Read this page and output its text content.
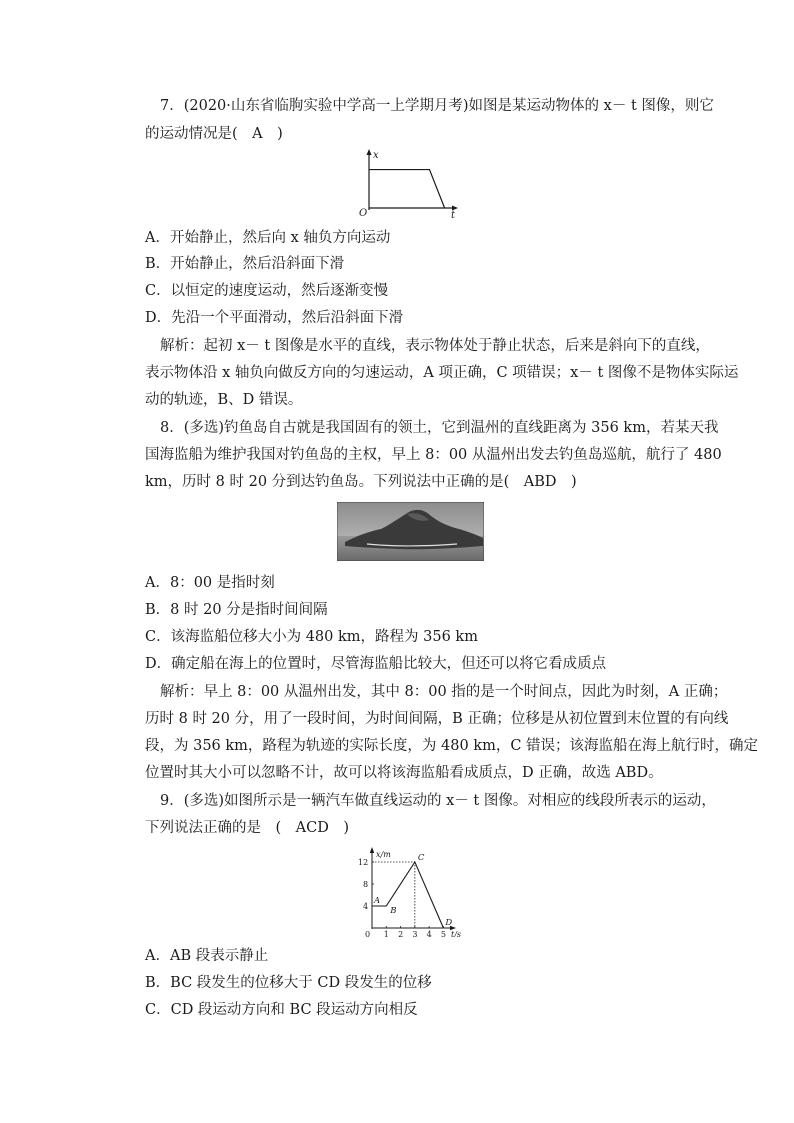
7．(2020·山东省临朐实验中学高一上学期月考)如图是某运动物体的 x－ t 图像，则它
的运动情况是(　A　)
x
t
O
A．开始静止，然后向 x 轴负方向运动
B．开始静止，然后沿斜面下滑
C．以恒定的速度运动，然后逐渐变慢
D．先沿一个平面滑动，然后沿斜面下滑
解析：起初 x－ t 图像是水平的直线，表示物体处于静止状态，后来是斜向下的直线，
表示物体沿 x 轴负向做反方向的匀速运动，A 项正确，C 项错误；x－ t 图像不是物体实际运
动的轨迹，B、D 错误。
8．(多选)钓鱼岛自古就是我国固有的领土，它到温州的直线距离为 356 km，若某天我
国海监船为维护我国对钓鱼岛的主权，早上 8：00 从温州出发去钓鱼岛巡航，航行了 480
km，历时 8 时 20 分到达钓鱼岛。下列说法中正确的是(　ABD　)
A．8：00 是指时刻
B．8 时 20 分是指时间间隔
C．该海监船位移大小为 480 km，路程为 356 km
D．确定船在海上的位置时，尽管海监船比较大，但还可以将它看成质点
解析：早上 8：00 从温州出发，其中 8：00 指的是一个时间点，因此为时刻，A 正确；
历时 8 时 20 分，用了一段时间，为时间间隔，B 正确；位移是从初位置到末位置的有向线
段，为 356 km，路程为轨迹的实际长度，为 480 km，C 错误；该海监船在海上航行时，确定
位置时其大小可以忽略不计，故可以将该海监船看成质点，D 正确，故选 ABD。
9．(多选)如图所示是一辆汽车做直线运动的 x－ t 图像。对相应的线段所表示的运动，
下列说法正确的是　(　ACD　)
x/m
t/s
0 1 2 3 4 5
4
8
12
A
B
C
D
A．AB 段表示静止
B．BC 段发生的位移大于 CD 段发生的位移
C．CD 段运动方向和 BC 段运动方向相反
